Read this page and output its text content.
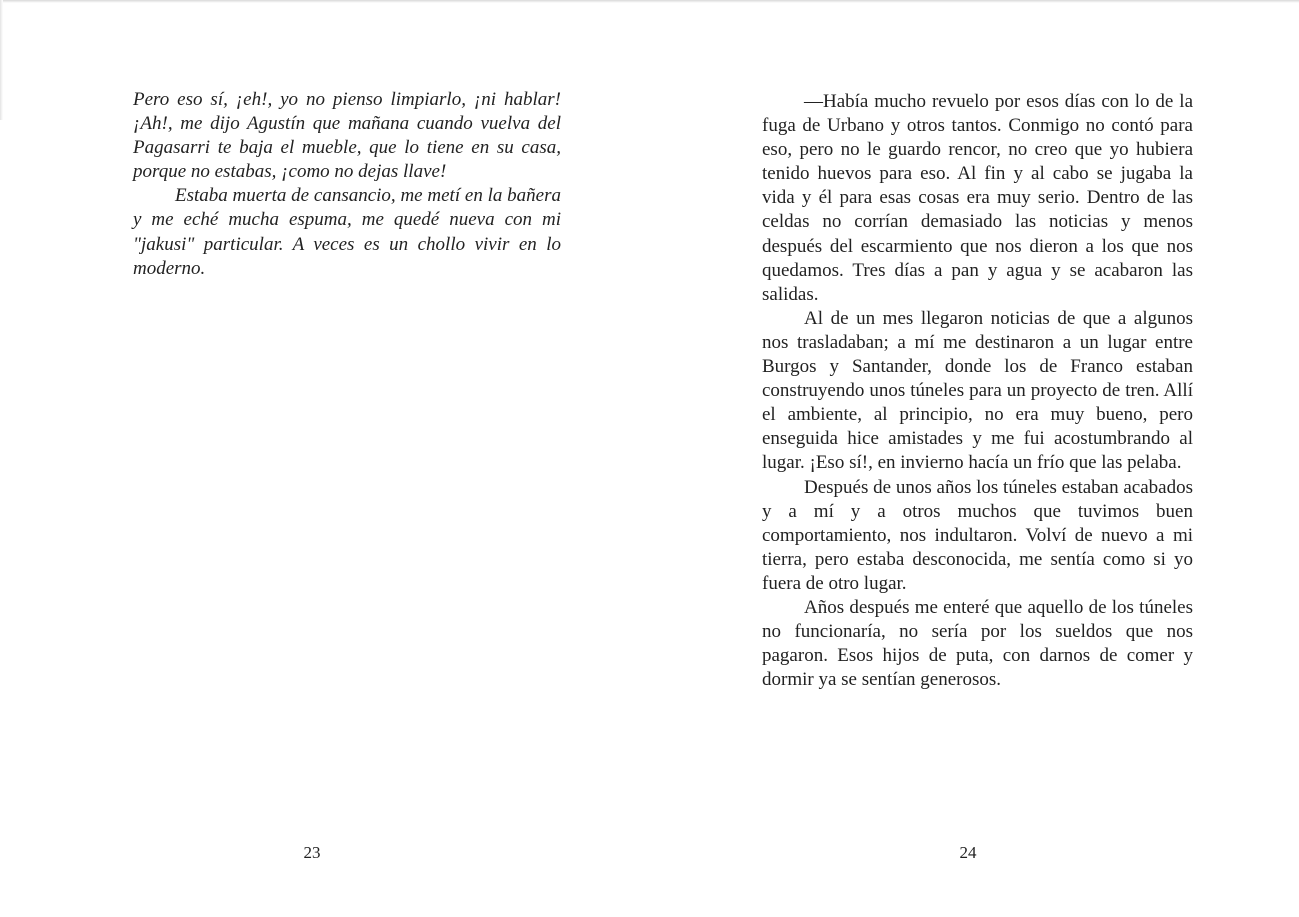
Pero eso sí, ¡eh!, yo no pienso limpiarlo, ¡ni hablar! ¡Ah!, me dijo Agustín que mañana cuando vuelva del Pagasarri te baja el mueble, que lo tiene en su casa, porque no estabas, ¡como no dejas llave!

Estaba muerta de cansancio, me metí en la bañera y me eché mucha espuma, me quedé nueva con mi "jakusi" particular. A veces es un chollo vivir en lo moderno.

23

—Había mucho revuelo por esos días con lo de la fuga de Urbano y otros tantos. Conmigo no contó para eso, pero no le guardo rencor, no creo que yo hubiera tenido huevos para eso. Al fin y al cabo se jugaba la vida y él para esas cosas era muy serio. Dentro de las celdas no corrían demasiado las noticias y menos después del escarmiento que nos dieron a los que nos quedamos. Tres días a pan y agua y se acabaron las salidas.

Al de un mes llegaron noticias de que a algunos nos trasladaban; a mí me destinaron a un lugar entre Burgos y Santander, donde los de Franco estaban construyendo unos túneles para un proyecto de tren. Allí el ambiente, al principio, no era muy bueno, pero enseguida hice amistades y me fui acostumbrando al lugar. ¡Eso sí!, en invierno hacía un frío que las pelaba.

Después de unos años los túneles estaban acabados y a mí y a otros muchos que tuvimos buen comportamiento, nos indultaron. Volví de nuevo a mi tierra, pero estaba desconocida, me sentía como si yo fuera de otro lugar.

Años después me enteré que aquello de los túneles no funcionaría, no sería por los sueldos que nos pagaron. Esos hijos de puta, con darnos de comer y dormir ya se sentían generosos.

24
